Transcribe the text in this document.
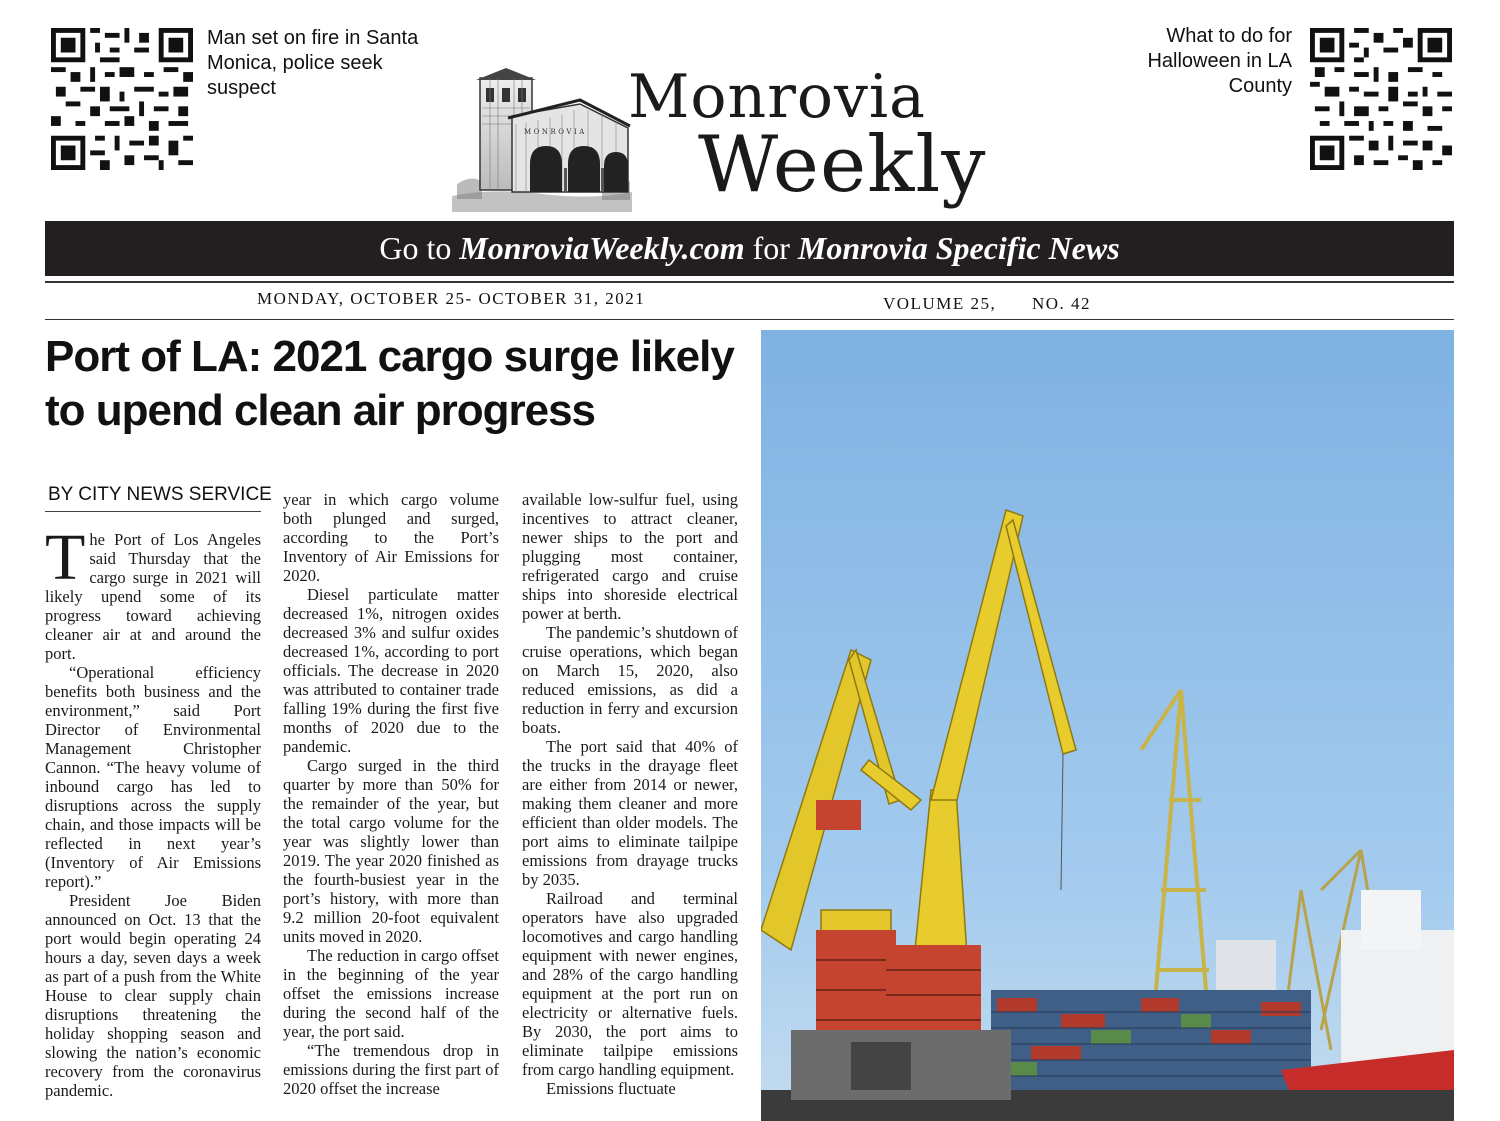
Man set on fire in Santa Monica, police seek suspect
What to do for Halloween in LA County
MONROVIA Monrovia
Weekly
Go to MonroviaWeekly.com for Monrovia Specific News
MONDAY, OCTOBER 25- OCTOBER 31, 2021	VOLUME 25, NO. 42
Port of LA: 2021 cargo surge likely to upend clean air progress
BY CITY NEWS SERVICE

The Port of Los Angeles said Thursday that the cargo surge in 2021 will likely upend some of its progress toward achieving cleaner air at and around the port.

“Operational efficiency benefits both business and the environment,” said Port Director of Environmental Management Christopher Cannon. “The heavy volume of inbound cargo has led to disruptions across the supply chain, and those impacts will be reflected in next year’s (Inventory of Air Emissions report).”

President Joe Biden announced on Oct. 13 that the port would begin operating 24 hours a day, seven days a week as part of a push from the White House to clear supply chain disruptions threatening the holiday shopping season and slowing the nation’s economic recovery from the coronavirus pandemic.

year in which cargo volume both plunged and surged, according to the Port’s Inventory of Air Emissions for 2020.

Diesel particulate matter decreased 1%, nitrogen oxides decreased 3% and sulfur oxides decreased 1%, according to port officials. The decrease in 2020 was attributed to container trade falling 19% during the first five months of 2020 due to the pandemic.

Cargo surged in the third quarter by more than 50% for the remainder of the year, but the total cargo volume for the year was slightly lower than 2019. The year 2020 finished as the fourth-busiest year in the port’s history, with more than 9.2 million 20-foot equivalent units moved in 2020.

The reduction in cargo offset in the beginning of the year offset the emissions increase during the second half of the year, the port said.

“The tremendous drop in emissions during the first part of 2020 offset the increase

available low-sulfur fuel, using incentives to attract cleaner, newer ships to the port and plugging most container, refrigerated cargo and cruise ships into shoreside electrical power at berth.

The pandemic’s shutdown of cruise operations, which began on March 15, 2020, also reduced emissions, as did a reduction in ferry and excursion boats.

The port said that 40% of the trucks in the drayage fleet are either from 2014 or newer, making them cleaner and more efficient than older models. The port aims to eliminate tailpipe emissions from drayage trucks by 2035.

Railroad and terminal operators have also upgraded locomotives and cargo handling equipment with newer engines, and 28% of the cargo handling equipment at the port run on electricity or alternative fuels. By 2030, the port aims to eliminate tailpipe emissions from cargo handling equipment.

Emissions fluctuate
